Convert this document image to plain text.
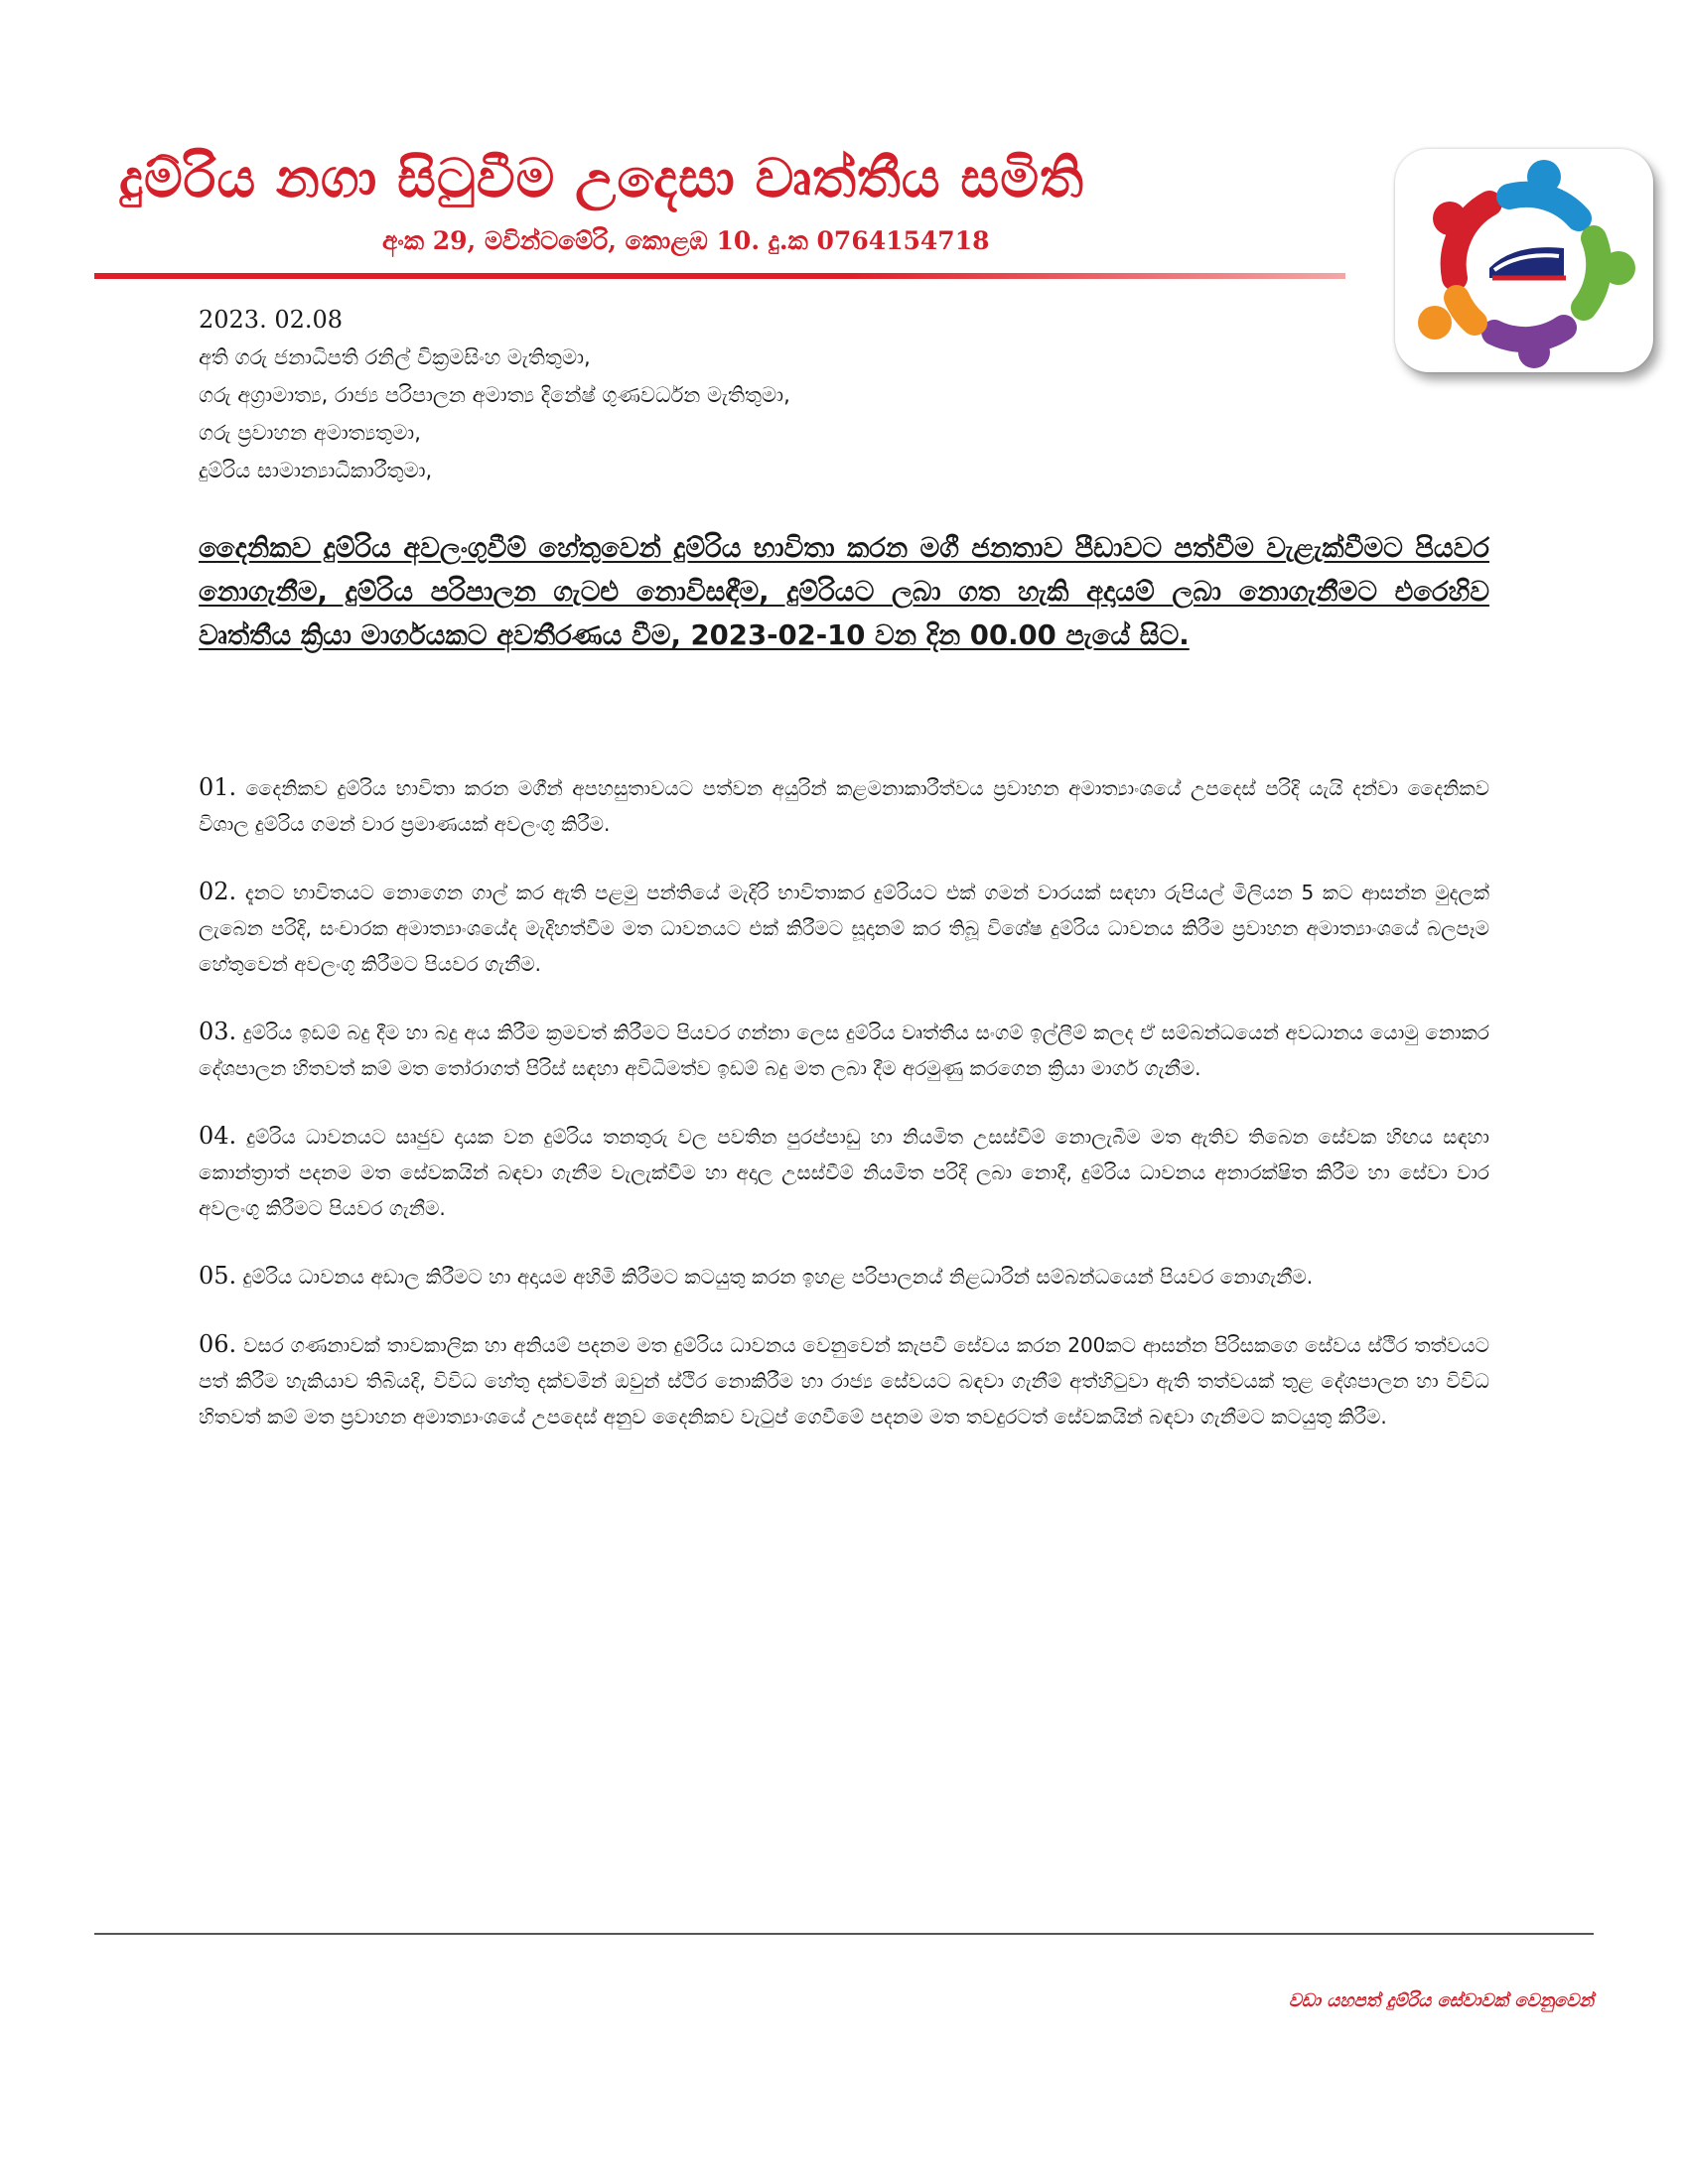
දුම්රිය නගා සිටුවීම උදෙසා වෘත්තීය සමිති
අංක 29, මවින්ටමේරි, කොළඹ 10. දු.ක 0764154718
2023. 02.08
අති ගරු ජනාධිපති රනිල් වික්‍රමසිංහ මැතිතුමා,
ගරු අග්‍රාමාත්‍ය, රාජ්‍ය පරිපාලන අමාත්‍ය දිනේෂ් ගුණවර්ධන මැතිතුමා,
ගරු ප්‍රවාහන අමාත්‍යතුමා,
දුම්රිය සාමාන්‍යාධිකාරීතුමා,
දෛනිකව දුම්රිය අවලංගුවීම් හේතුවෙන් දුම්රිය භාවිතා කරන මගී ජනතාව පීඩාවට පත්වීම වැළැක්වීමට පියවර නොගැනීම, දුම්රිය පරිපාලන ගැටළු නොවිසඳීම, දුම්රියට ලබා ගත හැකි අදායම් ලබා නොගැනීමට එරෙහිව වෘත්තීය ක්‍රියා මාර්ගයකට අවතීරණය වීම, 2023-02-10 වන දින 00.00 පැයේ සිට.
01. දෛනිකව දුම්රිය භාවිතා කරන මගීන් අපහසුතාවයට පත්වන අයුරින් කළමනාකාරීත්වය ප්‍රවාහන අමාත්‍යාංශයේ උපදෙස් පරිදි යැයි දන්වා දෛනිකව විශාල දුම්රිය ගමන් වාර ප්‍රමාණයක් අවලංගු කිරීම.
02. දැනට භාවිතයට නොගෙන ගාල් කර ඇති පළමු පන්තියේ මැදිරි භාවිතාකර දුම්රියට එක් ගමන් වාරයක් සඳහා රුපියල් මිලියන 5 කට ආසන්න මුදලක් ලැබෙන පරිදි, සංචාරක අමාත්‍යාංශයේද මැදිහත්වීම මත ධාවනයට එක් කිරීමට සූදානම් කර තිබූ විශේෂ දුම්රිය ධාවනය කිරීම ප්‍රවාහන අමාත්‍යාංශයේ බලපෑම හේතුවෙන් අවලංගු කිරීමට පියවර ගැනීම.
03. දුම්රිය ඉඩම් බදු දීම හා බදු අය කිරීම ක්‍රමවත් කිරීමට පියවර ගන්නා ලෙස දුම්රිය වෘත්තීය සංගම් ඉල්ලීම් කලද ඒ සම්බන්ධයෙන් අවධානය යොමු නොකර දේශපාලන හිතවත් කම් මත තෝරාගත් පිරිස් සඳහා අවිධිමත්ව ඉඩම් බදු මත ලබා දීම අරමුණු කරගෙන ක්‍රියා මාර්ග ගැනීම.
04. දුම්රිය ධාවනයට සෘජුව දායක වන දුම්රිය තනතුරු වල පවතින පුරප්පාඩු හා නියමිත උසස්වීම් නොලැබීම මත ඇතිව තිබෙන සේවක හිඟය සඳහා කොන්ත්‍රාත් පදනම මත සේවකයින් බඳවා ගැනීම වැලැක්වීම හා අදාල උසස්වීම් නියමිත පරිදි ලබා නොදී, දුම්රිය ධාවනය අනාරක්ෂිත කිරීම හා සේවා වාර අවලංගු කිරීමට පියවර ගැනීම.
05. දුම්රිය ධාවනය අඩාල කිරීමට හා අදායම අහිමි කිරීමට කටයුතු කරන ඉහළ පරිපාලනය් නිළධාරින් සම්බන්ධයෙන් පියවර නොගැනීම.
06. වසර ගණනාවක් තාවකාලික හා අනියම් පදනම මත දුම්රිය ධාවනය වෙනුවෙන් කැපවී සේවය කරන 200කට ආසන්න පිරිසකගෙ සේවය ස්ථිර තත්වයට පත් කිරීම හැකියාව තිබියදි, විවිධ හේතු දක්වමින් ඔවුන් ස්ථිර නොකිරීම හා රාජ්‍ය සේවයට බඳවා ගැනීම් අත්හිටුවා ඇති තත්වයක් තුළ දේශපාලන හා විවිධ හිතවත් කම් මත ප්‍රවාහන අමාත්‍යාංශයේ උපදෙස් අනුව දෛනිකව වැටුප් ගෙවීමේ පදනම මත තවදුරටත් සේවකයින් බඳවා ගැනීමට කටයුතු කිරීම.
වඩා යහපත් දුම්රිය සේවාවක් වෙනුවෙන්
